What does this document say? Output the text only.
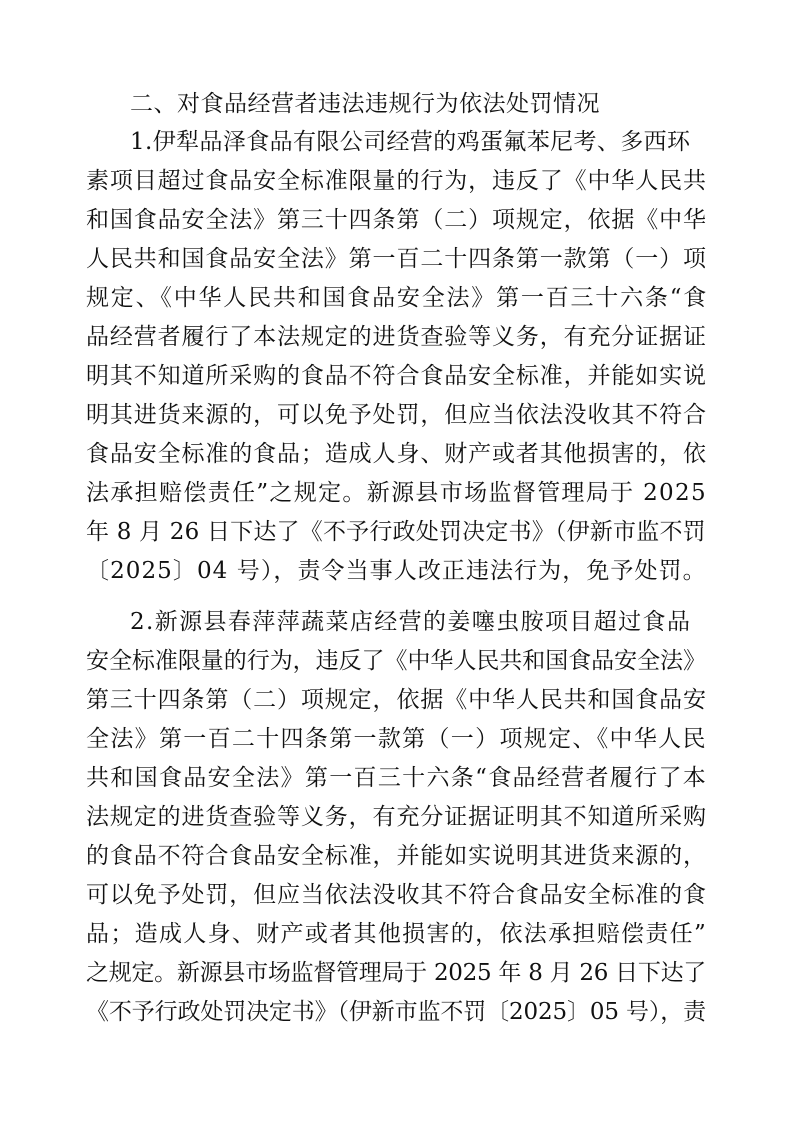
二、对食品经营者违法违规行为依法处罚情况
1.伊犁品泽食品有限公司经营的鸡蛋氟苯尼考、多西环
素项目超过食品安全标准限量的行为，违反了《中华人民共
和国食品安全法》第三十四条第（二）项规定，依据《中华
人民共和国食品安全法》第一百二十四条第一款第（一）项
规定、《中华人民共和国食品安全法》第一百三十六条“食
品经营者履行了本法规定的进货查验等义务，有充分证据证
明其不知道所采购的食品不符合食品安全标准，并能如实说
明其进货来源的，可以免予处罚，但应当依法没收其不符合
食品安全标准的食品；造成人身、财产或者其他损害的，依
法承担赔偿责任”之规定。新源县市场监督管理局于 2025
年 8 月 26 日下达了《不予行政处罚决定书》（伊新市监不罚
〔2025〕04 号），责令当事人改正违法行为，免予处罚。
2.新源县春萍萍蔬菜店经营的姜噻虫胺项目超过食品
安全标准限量的行为，违反了《中华人民共和国食品安全法》
第三十四条第（二）项规定，依据《中华人民共和国食品安
全法》第一百二十四条第一款第（一）项规定、《中华人民
共和国食品安全法》第一百三十六条“食品经营者履行了本
法规定的进货查验等义务，有充分证据证明其不知道所采购
的食品不符合食品安全标准，并能如实说明其进货来源的，
可以免予处罚，但应当依法没收其不符合食品安全标准的食
品；造成人身、财产或者其他损害的，依法承担赔偿责任”
之规定。新源县市场监督管理局于 2025 年 8 月 26 日下达了
《不予行政处罚决定书》（伊新市监不罚〔2025〕05 号），责
